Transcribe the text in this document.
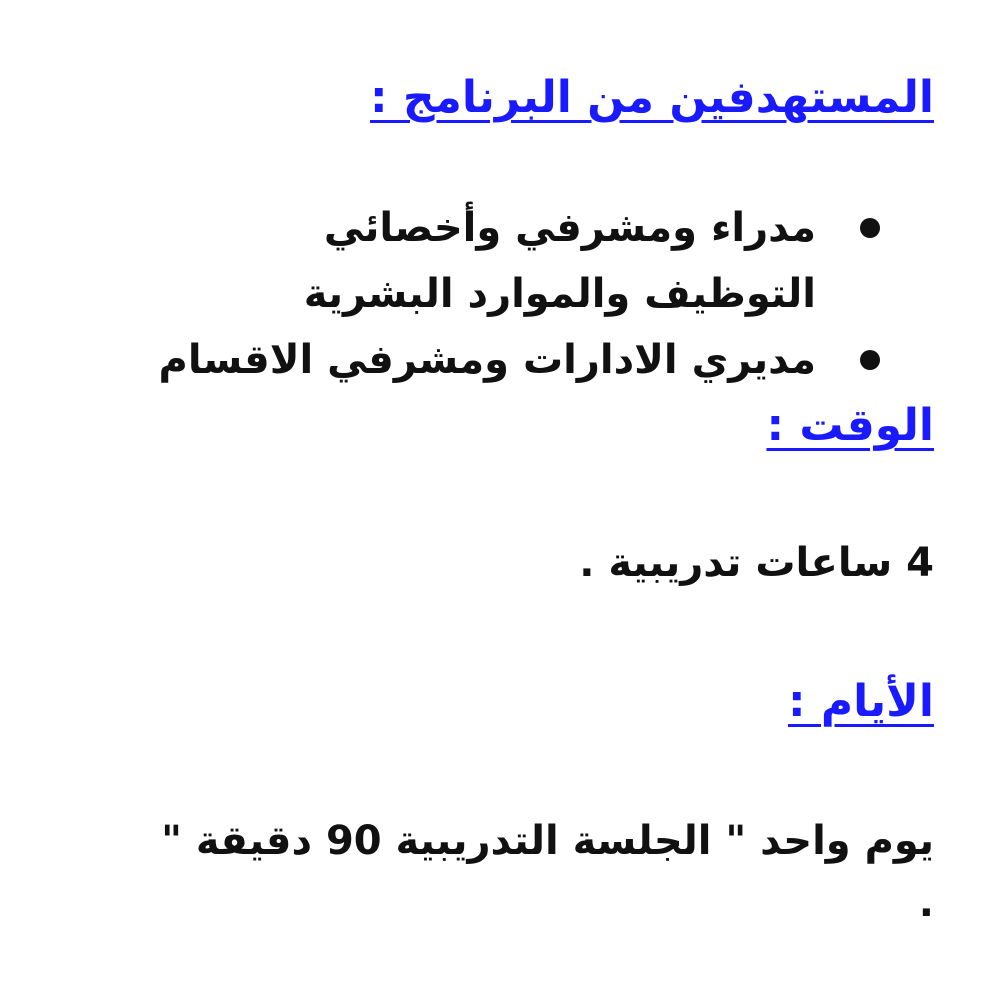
المستهدفين من البرنامج :
مدراء ومشرفي وأخصائي التوظيف والموارد البشرية
مديري الادارات ومشرفي الاقسام
الوقت :
4 ساعات تدريبية .
الأيام :
يوم واحد " الجلسة التدريبية 90 دقيقة "
.
